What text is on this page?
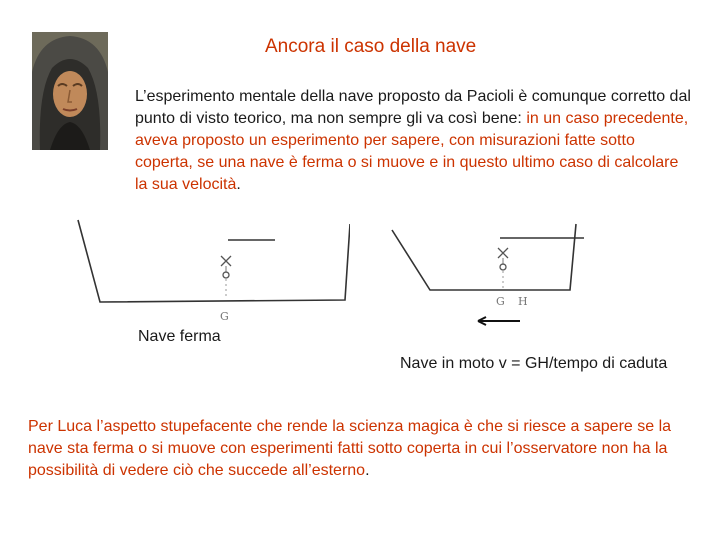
Ancora il caso della nave
L’esperimento mentale della nave proposto da Pacioli è comunque corretto dal punto di visto teorico, ma non sempre gli va così bene: in un caso precedente, aveva proposto un esperimento per sapere, con misurazioni fatte sotto coperta, se una nave è ferma o si muove e in questo ultimo caso di calcolare la sua velocità.
G
Nave ferma
G H
Nave in moto v = GH/tempo di caduta
Per Luca l’aspetto stupefacente che rende la scienza magica è che si riesce a sapere se la nave sta ferma o si muove con esperimenti fatti sotto coperta in cui l’osservatore non ha la possibilità di vedere ciò che succede all’esterno.
